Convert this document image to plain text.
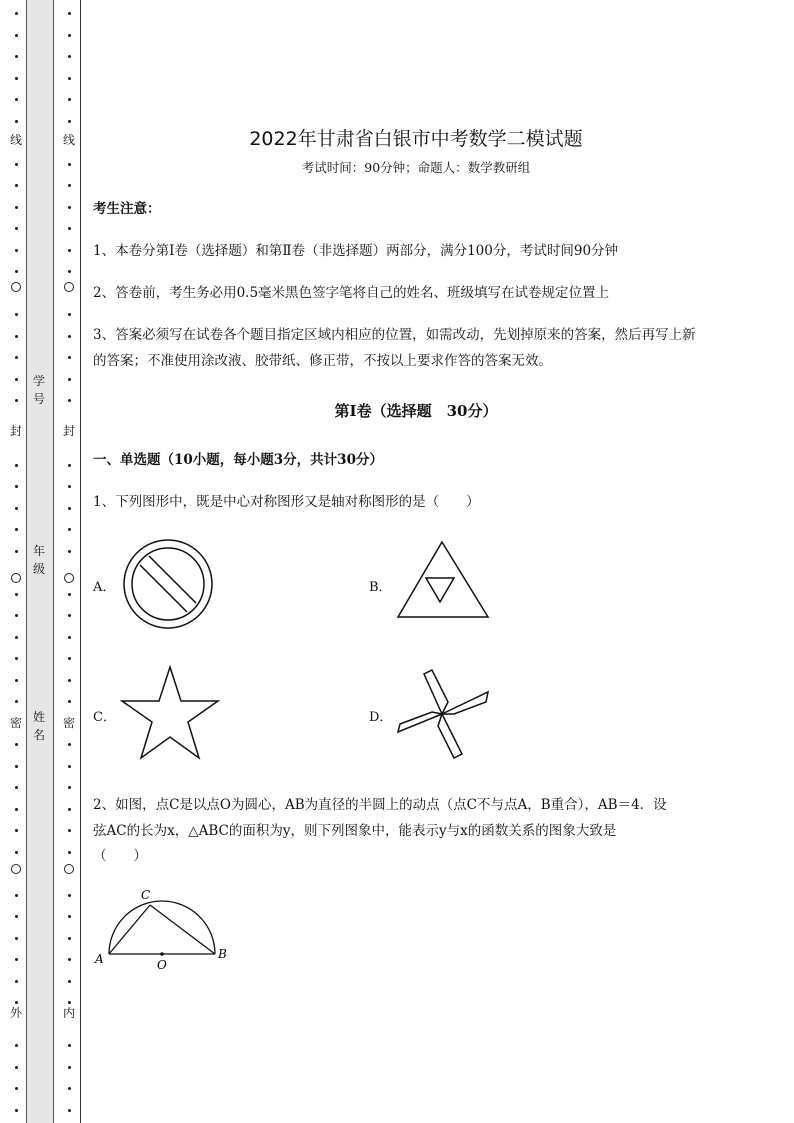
学号
年级
姓名
线
封
密
外
线
封
密
内
2022年甘肃省白银市中考数学二模试题
考试时间：90分钟；命题人：数学教研组
考生注意：
1、本卷分第I卷（选择题）和第Ⅱ卷（非选择题）两部分，满分100分，考试时间90分钟
2、答卷前，考生务必用0.5毫米黑色签字笔将自己的姓名、班级填写在试卷规定位置上
3、答案必须写在试卷各个题目指定区域内相应的位置，如需改动，先划掉原来的答案，然后再写上新
的答案；不准使用涂改液、胶带纸、修正带，不按以上要求作答的答案无效。
第I卷（选择题　30分）
一、单选题（10小题，每小题3分，共计30分）
1、下列图形中，既是中心对称图形又是轴对称图形的是（　　）
A．	B．
C．	D．
2、如图，点C是以点O为圆心，AB为直径的半圆上的动点（点C不与点A，B重合），AB＝4．设
弦AC的长为x，△ABC的面积为y，则下列图象中，能表示y与x的函数关系的图象大致是
（　　）
C
A	B
O
